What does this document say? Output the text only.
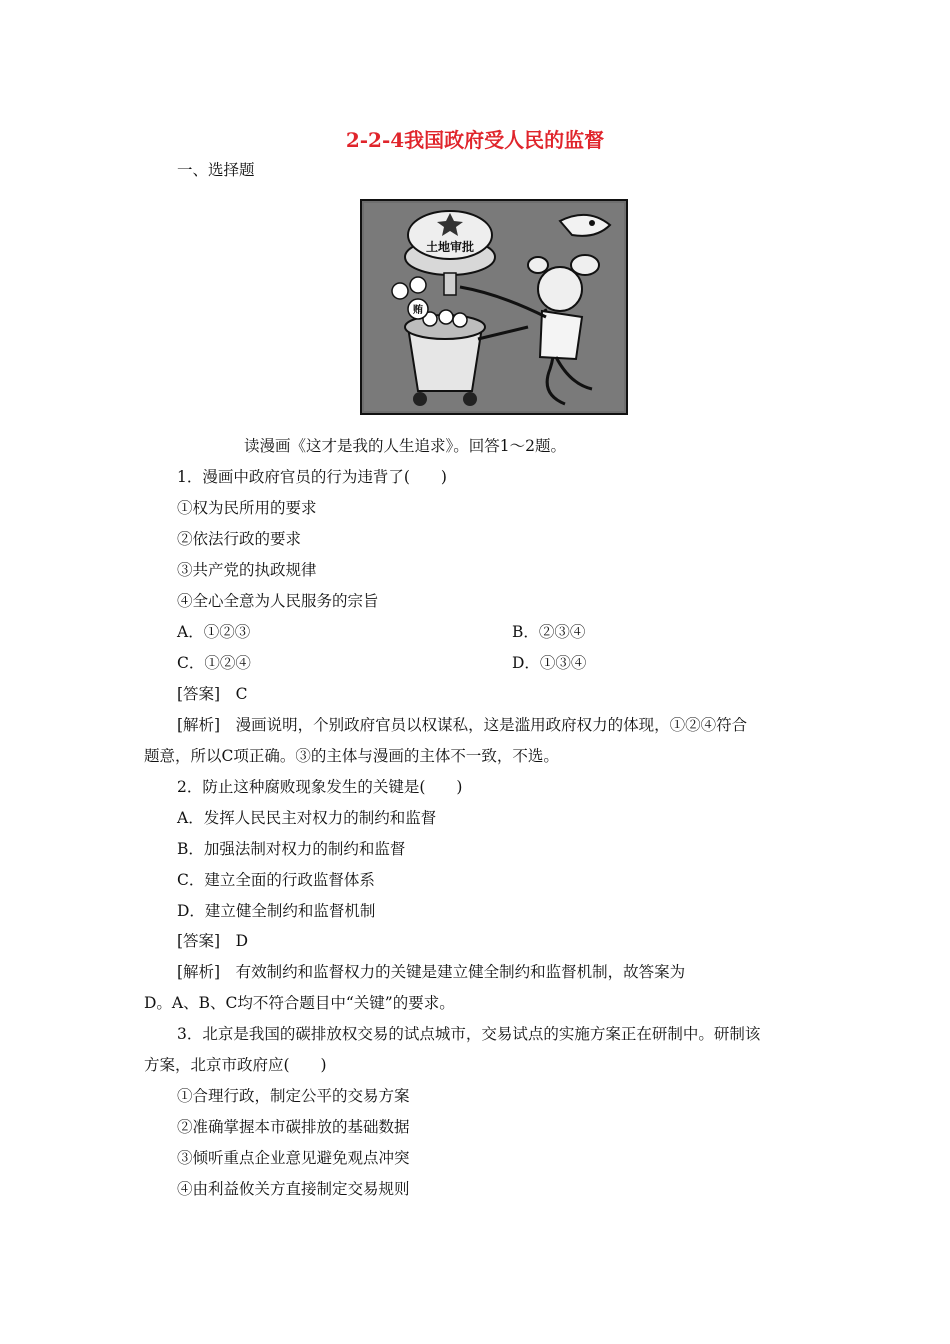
2-2-4我国政府受人民的监督
一、选择题
土地审批
贿
读漫画《这才是我的人生追求》。回答1～2题。
1．漫画中政府官员的行为违背了(　　)
①权为民所用的要求
②依法行政的要求
③共产党的执政规律
④全心全意为人民服务的宗旨
A．①②③	B．②③④
C．①②④	D．①③④
[答案]　C
[解析]　漫画说明，个别政府官员以权谋私，这是滥用政府权力的体现，①②④符合
题意，所以C项正确。③的主体与漫画的主体不一致，不选。
2．防止这种腐败现象发生的关键是(　　)
A．发挥人民民主对权力的制约和监督
B．加强法制对权力的制约和监督
C．建立全面的行政监督体系
D．建立健全制约和监督机制
[答案]　D
[解析]　有效制约和监督权力的关键是建立健全制约和监督机制，故答案为
D。A、B、C均不符合题目中“关键”的要求。
3．北京是我国的碳排放权交易的试点城市，交易试点的实施方案正在研制中。研制该
方案，北京市政府应(　　)
①合理行政，制定公平的交易方案
②准确掌握本市碳排放的基础数据
③倾听重点企业意见避免观点冲突
④由利益攸关方直接制定交易规则
